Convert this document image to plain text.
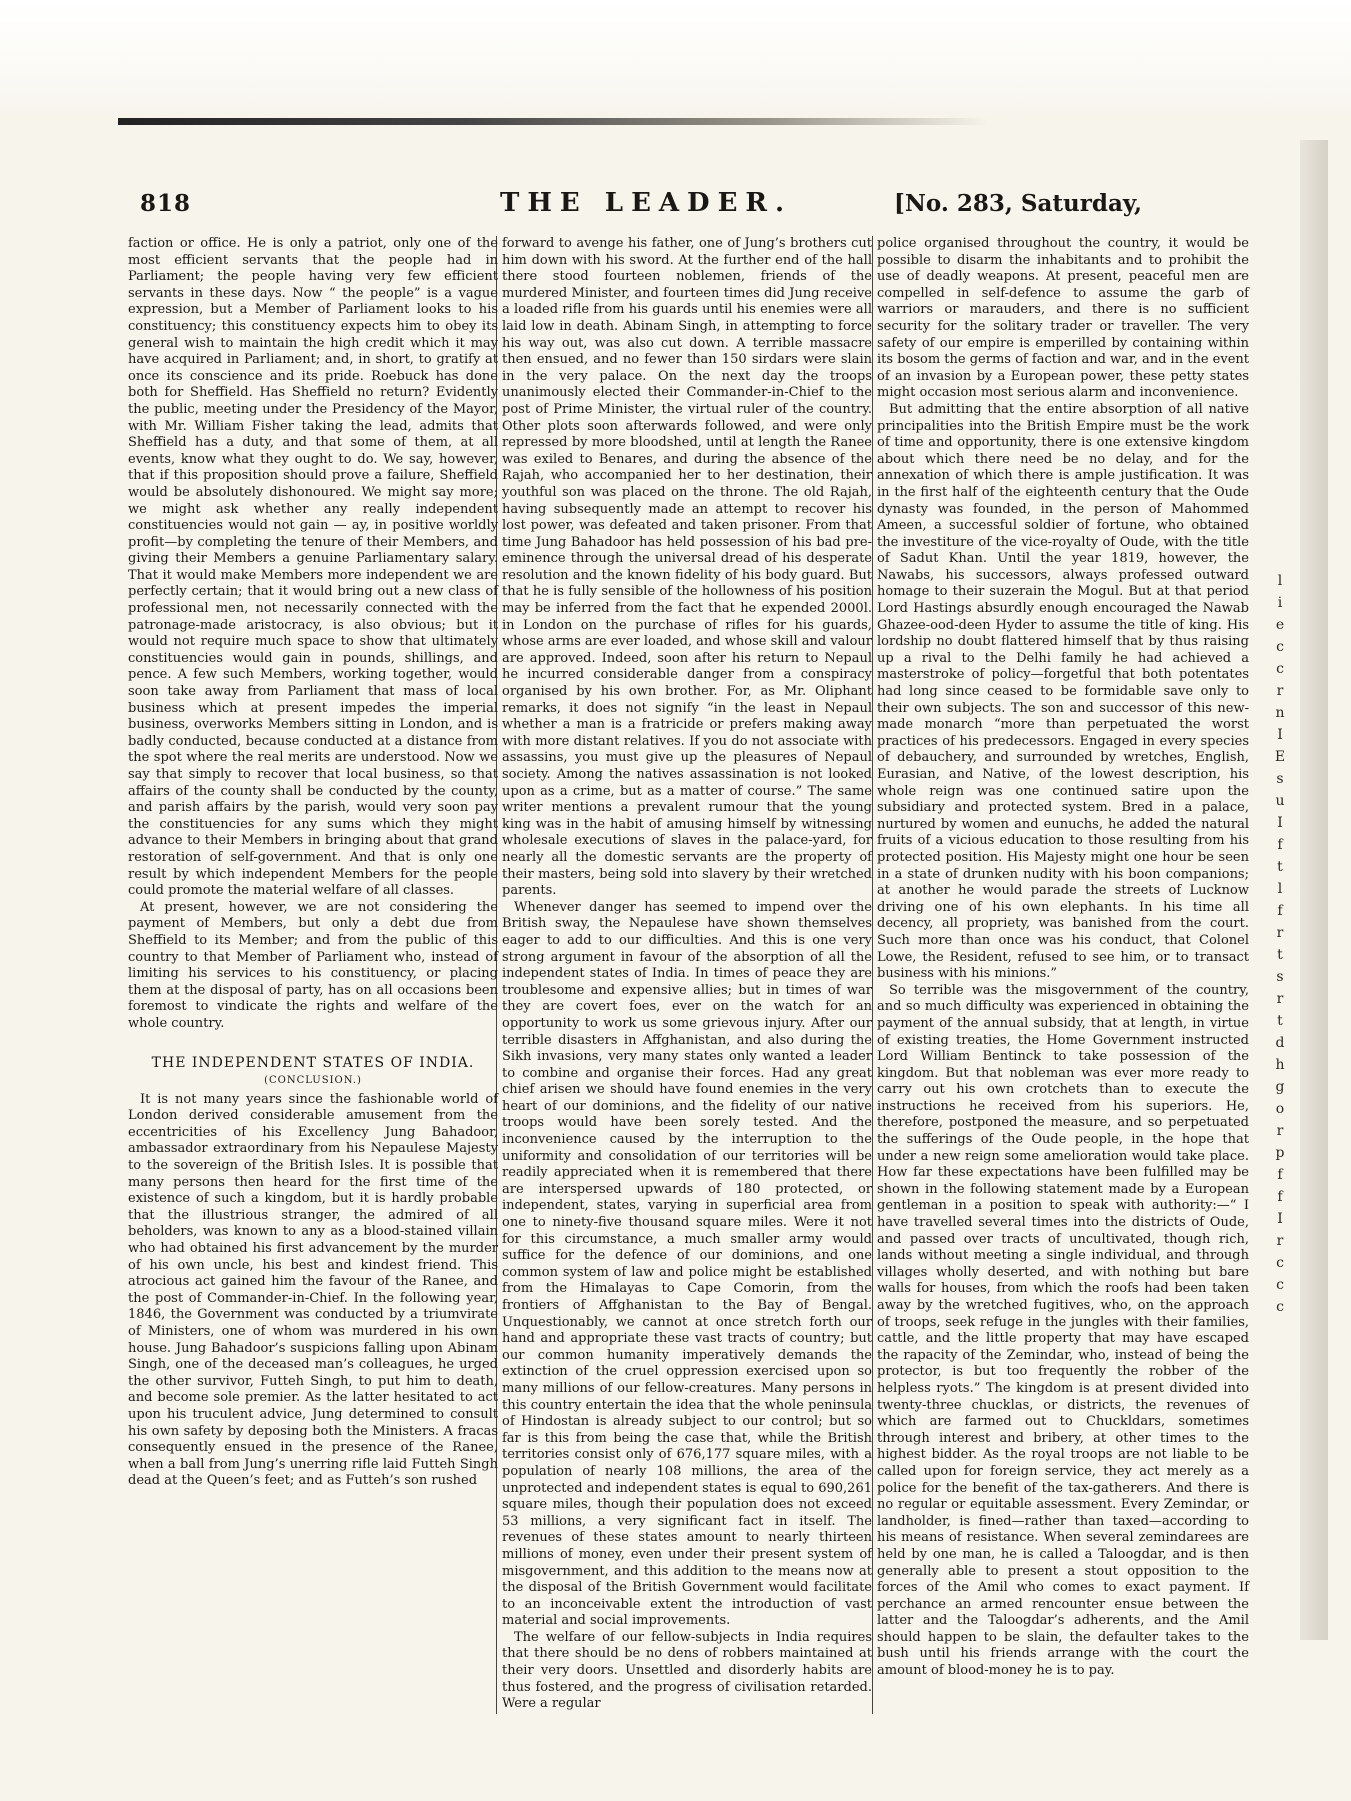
818	THE LEADER.	[No. 283, Saturday,

faction or office. He is only a patriot, only one of the most efficient servants that the people had in Parliament; the people having very few efficient servants in these days. Now “ the people” is a vague expression, but a Member of Parliament looks to his constituency; this constituency expects him to obey its general wish to maintain the high credit which it may have acquired in Parliament; and, in short, to gratify at once its conscience and its pride. Roebuck has done both for Sheffield. Has Sheffield no return? Evidently the public, meeting under the Presidency of the Mayor, with Mr. William Fisher taking the lead, admits that Sheffield has a duty, and that some of them, at all events, know what they ought to do. We say, however, that if this proposition should prove a failure, Sheffield would be absolutely dishonoured. We might say more; we might ask whether any really independent constituencies would not gain — ay, in positive worldly profit—by completing the tenure of their Members, and giving their Members a genuine Parliamentary salary. That it would make Members more independent we are perfectly certain; that it would bring out a new class of professional men, not necessarily connected with the patronage-made aristocracy, is also obvious; but it would not require much space to show that ultimately constituencies would gain in pounds, shillings, and pence. A few such Members, working together, would soon take away from Parliament that mass of local business which at present impedes the imperial business, overworks Members sitting in London, and is badly conducted, because conducted at a distance from the spot where the real merits are understood. Now we say that simply to recover that local business, so that affairs of the county shall be conducted by the county, and parish affairs by the parish, would very soon pay the constituencies for any sums which they might advance to their Members in bringing about that grand restoration of self-government. And that is only one result by which independent Members for the people could promote the material welfare of all classes.

At present, however, we are not considering the payment of Members, but only a debt due from Sheffield to its Member; and from the public of this country to that Member of Parliament who, instead of limiting his services to his constituency, or placing them at the disposal of party, has on all occasions been foremost to vindicate the rights and welfare of the whole country.

THE INDEPENDENT STATES OF INDIA.
(CONCLUSION.)

It is not many years since the fashionable world of London derived considerable amusement from the eccentricities of his Excellency Jung Bahadoor, ambassador extraordinary from his Nepaulese Majesty to the sovereign of the British Isles. It is possible that many persons then heard for the first time of the existence of such a kingdom, but it is hardly probable that the illustrious stranger, the admired of all beholders, was known to any as a blood-stained villain who had obtained his first advancement by the murder of his own uncle, his best and kindest friend. This atrocious act gained him the favour of the Ranee, and the post of Commander-in-Chief. In the following year, 1846, the Government was conducted by a triumvirate of Ministers, one of whom was murdered in his own house. Jung Bahadoor’s suspicions falling upon Abinam Singh, one of the deceased man’s colleagues, he urged the other survivor, Futteh Singh, to put him to death, and become sole premier. As the latter hesitated to act upon his truculent advice, Jung determined to consult his own safety by deposing both the Ministers. A fracas consequently ensued in the presence of the Ranee, when a ball from Jung’s unerring rifle laid Futteh Singh dead at the Queen’s feet; and as Futteh’s son rushed

forward to avenge his father, one of Jung’s brothers cut him down with his sword. At the further end of the hall there stood fourteen noblemen, friends of the murdered Minister, and fourteen times did Jung receive a loaded rifle from his guards until his enemies were all laid low in death. Abinam Singh, in attempting to force his way out, was also cut down. A terrible massacre then ensued, and no fewer than 150 sirdars were slain in the very palace. On the next day the troops unanimously elected their Commander-in-Chief to the post of Prime Minister, the virtual ruler of the country. Other plots soon afterwards followed, and were only repressed by more bloodshed, until at length the Ranee was exiled to Benares, and during the absence of the Rajah, who accompanied her to her destination, their youthful son was placed on the throne. The old Rajah, having subsequently made an attempt to recover his lost power, was defeated and taken prisoner. From that time Jung Bahadoor has held possession of his bad pre-eminence through the universal dread of his desperate resolution and the known fidelity of his body guard. But that he is fully sensible of the hollowness of his position may be inferred from the fact that he expended 2000l. in London on the purchase of rifles for his guards, whose arms are ever loaded, and whose skill and valour are approved. Indeed, soon after his return to Nepaul he incurred considerable danger from a conspiracy organised by his own brother. For, as Mr. Oliphant remarks, it does not signify “in the least in Nepaul whether a man is a fratricide or prefers making away with more distant relatives. If you do not associate with assassins, you must give up the pleasures of Nepaul society. Among the natives assassination is not looked upon as a crime, but as a matter of course.” The same writer mentions a prevalent rumour that the young king was in the habit of amusing himself by witnessing wholesale executions of slaves in the palace-yard, for nearly all the domestic servants are the property of their masters, being sold into slavery by their wretched parents.

Whenever danger has seemed to impend over the British sway, the Nepaulese have shown themselves eager to add to our difficulties. And this is one very strong argument in favour of the absorption of all the independent states of India. In times of peace they are troublesome and expensive allies; but in times of war they are covert foes, ever on the watch for an opportunity to work us some grievous injury. After our terrible disasters in Affghanistan, and also during the Sikh invasions, very many states only wanted a leader to combine and organise their forces. Had any great chief arisen we should have found enemies in the very heart of our dominions, and the fidelity of our native troops would have been sorely tested. And the inconvenience caused by the interruption to the uniformity and consolidation of our territories will be readily appreciated when it is remembered that there are interspersed upwards of 180 protected, or independent, states, varying in superficial area from one to ninety-five thousand square miles. Were it not for this circumstance, a much smaller army would suffice for the defence of our dominions, and one common system of law and police might be established from the Himalayas to Cape Comorin, from the frontiers of Affghanistan to the Bay of Bengal. Unquestionably, we cannot at once stretch forth our hand and appropriate these vast tracts of country; but our common humanity imperatively demands the extinction of the cruel oppression exercised upon so many millions of our fellow-creatures. Many persons in this country entertain the idea that the whole peninsula of Hindostan is already subject to our control; but so far is this from being the case that, while the British territories consist only of 676,177 square miles, with a population of nearly 108 millions, the area of the unprotected and independent states is equal to 690,261 square miles, though their population does not exceed 53 millions, a very significant fact in itself. The revenues of these states amount to nearly thirteen millions of money, even under their present system of misgovernment, and this addition to the means now at the disposal of the British Government would facilitate to an inconceivable extent the introduction of vast material and social improvements.

The welfare of our fellow-subjects in India requires that there should be no dens of robbers maintained at their very doors. Unsettled and disorderly habits are thus fostered, and the progress of civilisation retarded. Were a regular

police organised throughout the country, it would be possible to disarm the inhabitants and to prohibit the use of deadly weapons. At present, peaceful men are compelled in self-defence to assume the garb of warriors or marauders, and there is no sufficient security for the solitary trader or traveller. The very safety of our empire is emperilled by containing within its bosom the germs of faction and war, and in the event of an invasion by a European power, these petty states might occasion most serious alarm and inconvenience.

But admitting that the entire absorption of all native principalities into the British Empire must be the work of time and opportunity, there is one extensive kingdom about which there need be no delay, and for the annexation of which there is ample justification. It was in the first half of the eighteenth century that the Oude dynasty was founded, in the person of Mahommed Ameen, a successful soldier of fortune, who obtained the investiture of the vice-royalty of Oude, with the title of Sadut Khan. Until the year 1819, however, the Nawabs, his successors, always professed outward homage to their suzerain the Mogul. But at that period Lord Hastings absurdly enough encouraged the Nawab Ghazee-ood-deen Hyder to assume the title of king. His lordship no doubt flattered himself that by thus raising up a rival to the Delhi family he had achieved a masterstroke of policy—forgetful that both potentates had long since ceased to be formidable save only to their own subjects. The son and successor of this new-made monarch “more than perpetuated the worst practices of his predecessors. Engaged in every species of debauchery, and surrounded by wretches, English, Eurasian, and Native, of the lowest description, his whole reign was one continued satire upon the subsidiary and protected system. Bred in a palace, nurtured by women and eunuchs, he added the natural fruits of a vicious education to those resulting from his protected position. His Majesty might one hour be seen in a state of drunken nudity with his boon companions; at another he would parade the streets of Lucknow driving one of his own elephants. In his time all decency, all propriety, was banished from the court. Such more than once was his conduct, that Colonel Lowe, the Resident, refused to see him, or to transact business with his minions.”

So terrible was the misgovernment of the country, and so much difficulty was experienced in obtaining the payment of the annual subsidy, that at length, in virtue of existing treaties, the Home Government instructed Lord William Bentinck to take possession of the kingdom. But that nobleman was ever more ready to carry out his own crotchets than to execute the instructions he received from his superiors. He, therefore, postponed the measure, and so perpetuated the sufferings of the Oude people, in the hope that under a new reign some amelioration would take place. How far these expectations have been fulfilled may be shown in the following statement made by a European gentleman in a position to speak with authority:—“ I have travelled several times into the districts of Oude, and passed over tracts of uncultivated, though rich, lands without meeting a single individual, and through villages wholly deserted, and with nothing but bare walls for houses, from which the roofs had been taken away by the wretched fugitives, who, on the approach of troops, seek refuge in the jungles with their families, cattle, and the little property that may have escaped the rapacity of the Zemindar, who, instead of being the protector, is but too frequently the robber of the helpless ryots.” The kingdom is at present divided into twenty-three chucklas, or districts, the revenues of which are farmed out to Chuckldars, sometimes through interest and bribery, at other times to the highest bidder. As the royal troops are not liable to be called upon for foreign service, they act merely as a police for the benefit of the tax-gatherers. And there is no regular or equitable assessment. Every Zemindar, or landholder, is fined—rather than taxed—according to his means of resistance. When several zemindarees are held by one man, he is called a Taloogdar, and is then generally able to present a stout opposition to the forces of the Amil who comes to exact payment. If perchance an armed rencounter ensue between the latter and the Taloogdar’s adherents, and the Amil should happen to be slain, the defaulter takes to the bush until his friends arrange with the court the amount of blood-money he is to pay.

l
i
e
c
c
r
n
I
E
s
u
I
f
t
l
f
r
t
s
r
t
d
h
g
o
r
p
f
f
I
r
c
c
c
